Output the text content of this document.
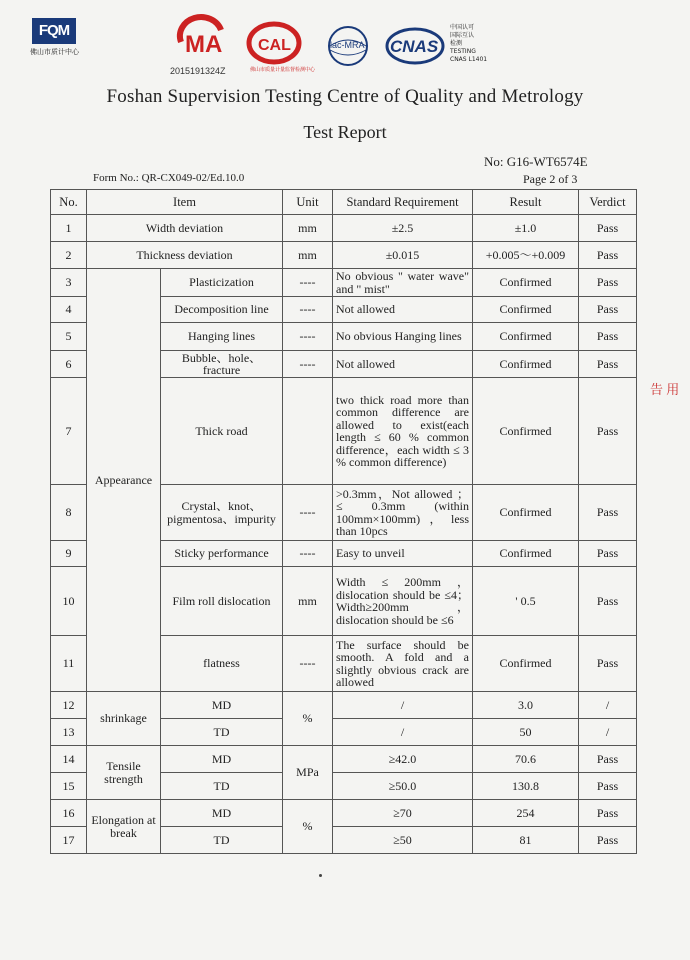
FQM
佛山市质计中心	MA
2015191324Z
CAL
佛山市质量计量监督检测中心
ilac-MRA CNAS
中国认可
国际互认
检测
TESTING
CNAS L1401
Foshan Supervision Testing Centre of Quality and Metrology
Test Report
No: G16-WT6574E
Form No.: QR-CX049-02/Ed.10.0	Page 2 of 3
No.	Item		Unit	Standard Requirement	Result	Verdict
1	Width deviation		mm	±2.5	±1.0	Pass
2	Thickness deviation		mm	±0.015	+0.005～+0.009	Pass
3	Appearance	Plasticization	----	No obvious " water wave" and " mist"	Confirmed	Pass
4		Decomposition line	----	Not allowed	Confirmed	Pass
5		Hanging lines	----	No obvious Hanging lines	Confirmed	Pass
6		Bubble、hole、fracture	----	Not allowed	Confirmed	Pass
7		Thick road		two thick road more than common difference are allowed to exist(each length ≤ 60 % common difference，each width ≤ 3 % common difference)	Confirmed	Pass
8		Crystal、knot、pigmentosa、impurity	----	>0.3mm，Not allowed ； ≤ 0.3mm (within 100mm×100mm)，less than 10pcs	Confirmed	Pass
9		Sticky performance	----	Easy to unveil	Confirmed	Pass
10		Film roll dislocation	mm	Width ≤ 200mm ，dislocation should be ≤4；Width≥200mm ，dislocation should be ≤6	' 0.5	Pass
11		flatness	----	The surface should be smooth. A fold and a slightly obvious crack are allowed	Confirmed	Pass
12	shrinkage	MD	%	/	3.0	/
13		TD		/	50	/
14	Tensile strength	MD	MPa	≥42.0	70.6	Pass
15		TD		≥50.0	130.8	Pass
16	Elongation at break	MD	%	≥70	254	Pass
17		TD		≥50	81	Pass
告 用
